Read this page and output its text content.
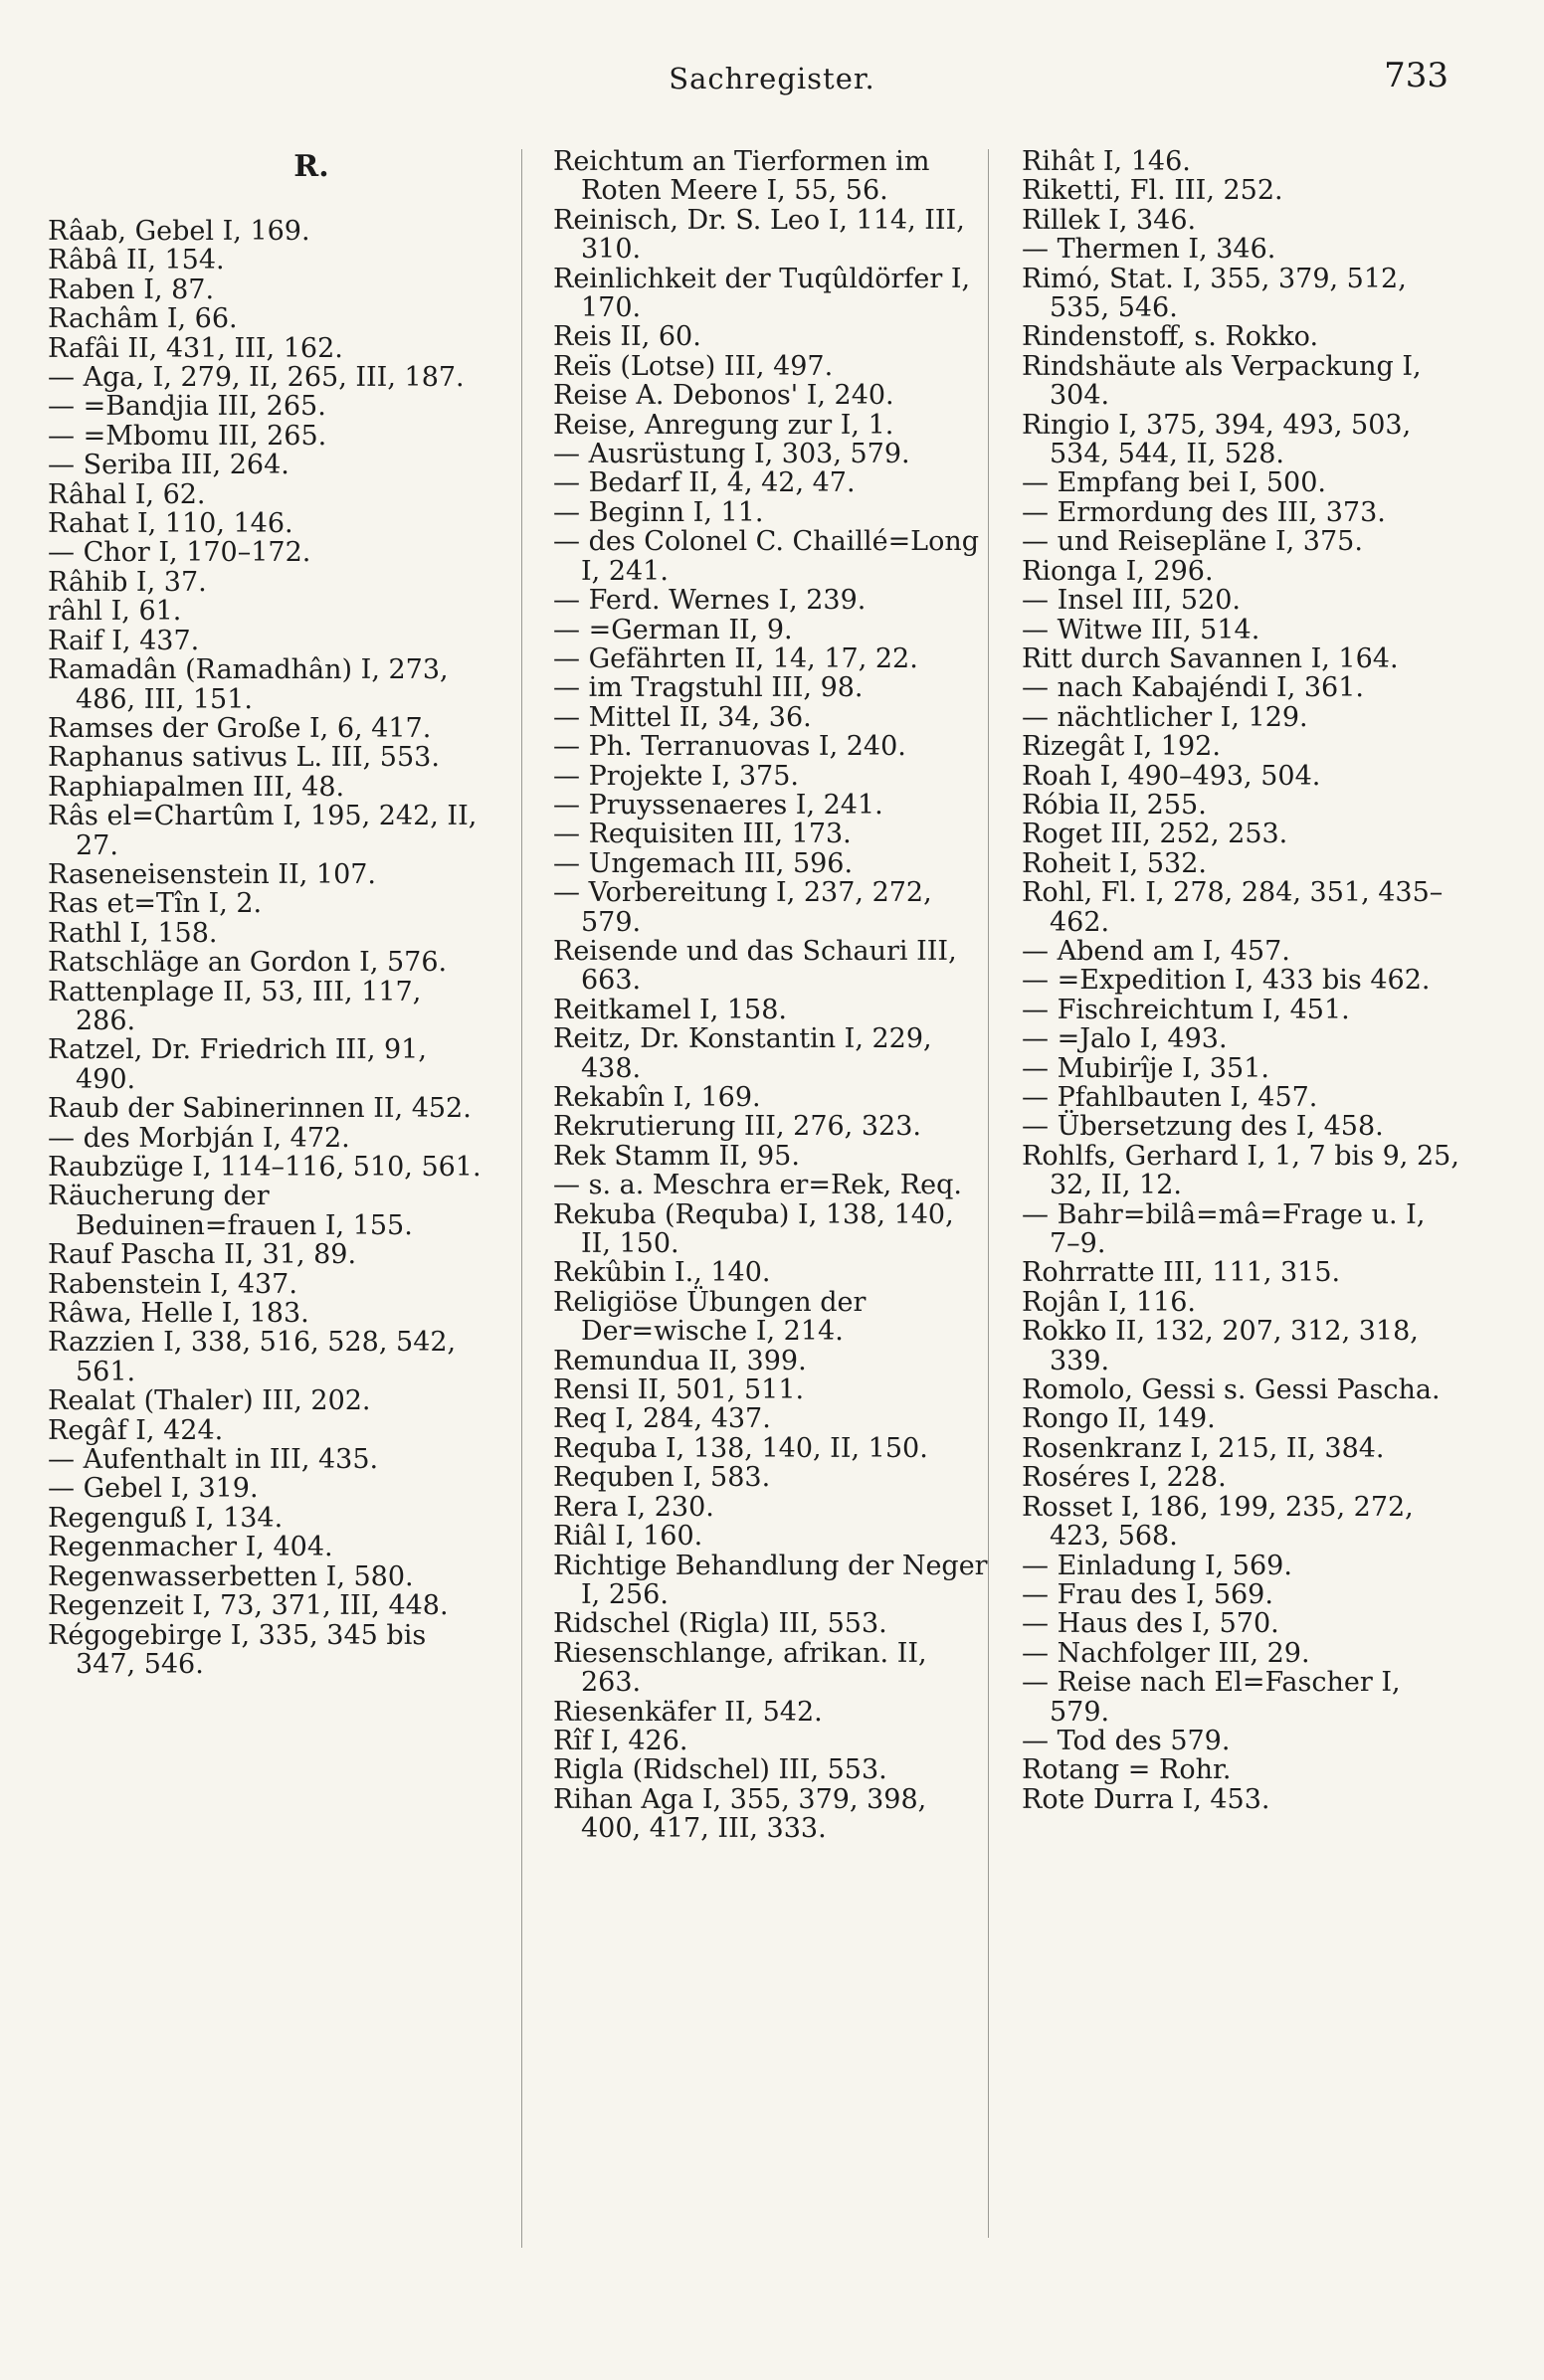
Sachregister.	733
R.
Râab, Gebel I, 169.
Râbâ II, 154.
Raben I, 87.
Rachâm I, 66.
Rafâi II, 431, III, 162.
— Aga, I, 279, II, 265, III, 187.
— =Bandjia III, 265.
— =Mbomu III, 265.
— Seriba III, 264.
Râhal I, 62.
Rahat I, 110, 146.
— Chor I, 170–172.
Râhib I, 37.
râhl I, 61.
Raif I, 437.
Ramadân (Ramadhân) I, 273, 486, III, 151.
Ramses der Große I, 6, 417.
Raphanus sativus L. III, 553.
Raphiapalmen III, 48.
Râs el=Chartûm I, 195, 242, II, 27.
Raseneisenstein II, 107.
Ras et=Tîn I, 2.
Rathl I, 158.
Ratschläge an Gordon I, 576.
Rattenplage II, 53, III, 117, 286.
Ratzel, Dr. Friedrich III, 91, 490.
Raub der Sabinerinnen II, 452.
— des Morbján I, 472.
Raubzüge I, 114–116, 510, 561.
Räucherung der Beduinen=frauen I, 155.
Rauf Pascha II, 31, 89.
Rabenstein I, 437.
Râwa, Helle I, 183.
Razzien I, 338, 516, 528, 542, 561.
Realat (Thaler) III, 202.
Regâf I, 424.
— Aufenthalt in III, 435.
— Gebel I, 319.
Regenguß I, 134.
Regenmacher I, 404.
Regenwasserbetten I, 580.
Regenzeit I, 73, 371, III, 448.
Régogebirge I, 335, 345 bis 347, 546.
Reichtum an Tierformen im Roten Meere I, 55, 56.
Reinisch, Dr. S. Leo I, 114, III, 310.
Reinlichkeit der Tuqûldörfer I, 170.
Reis II, 60.
Reïs (Lotse) III, 497.
Reise A. Debonos' I, 240.
Reise, Anregung zur I, 1.
— Ausrüstung I, 303, 579.
— Bedarf II, 4, 42, 47.
— Beginn I, 11.
— des Colonel C. Chaillé=Long I, 241.
— Ferd. Wernes I, 239.
— =German II, 9.
— Gefährten II, 14, 17, 22.
— im Tragstuhl III, 98.
— Mittel II, 34, 36.
— Ph. Terranuovas I, 240.
— Projekte I, 375.
— Pruyssenaeres I, 241.
— Requisiten III, 173.
— Ungemach III, 596.
— Vorbereitung I, 237, 272, 579.
Reisende und das Schauri III, 663.
Reitkamel I, 158.
Reitz, Dr. Konstantin I, 229, 438.
Rekabîn I, 169.
Rekrutierung III, 276, 323.
Rek Stamm II, 95.
— s. a. Meschra er=Rek, Req.
Rekuba (Requba) I, 138, 140, II, 150.
Rekûbin I., 140.
Religiöse Übungen der Der=wische I, 214.
Remundua II, 399.
Rensi II, 501, 511.
Req I, 284, 437.
Requba I, 138, 140, II, 150.
Requben I, 583.
Rera I, 230.
Riâl I, 160.
Richtige Behandlung der Neger I, 256.
Ridschel (Rigla) III, 553.
Riesenschlange, afrikan. II, 263.
Riesenkäfer II, 542.
Rîf I, 426.
Rigla (Ridschel) III, 553.
Rihan Aga I, 355, 379, 398, 400, 417, III, 333.
Rihât I, 146.
Riketti, Fl. III, 252.
Rillek I, 346.
— Thermen I, 346.
Rimó, Stat. I, 355, 379, 512, 535, 546.
Rindenstoff, s. Rokko.
Rindshäute als Verpackung I, 304.
Ringio I, 375, 394, 493, 503, 534, 544, II, 528.
— Empfang bei I, 500.
— Ermordung des III, 373.
— und Reisepläne I, 375.
Rionga I, 296.
— Insel III, 520.
— Witwe III, 514.
Ritt durch Savannen I, 164.
— nach Kabajéndi I, 361.
— nächtlicher I, 129.
Rizegât I, 192.
Roah I, 490–493, 504.
Róbia II, 255.
Roget III, 252, 253.
Roheit I, 532.
Rohl, Fl. I, 278, 284, 351, 435–462.
— Abend am I, 457.
— =Expedition I, 433 bis 462.
— Fischreichtum I, 451.
— =Jalo I, 493.
— Mubirîje I, 351.
— Pfahlbauten I, 457.
— Übersetzung des I, 458.
Rohlfs, Gerhard I, 1, 7 bis 9, 25, 32, II, 12.
— Bahr=bilâ=mâ=Frage u. I, 7–9.
Rohrratte III, 111, 315.
Rojân I, 116.
Rokko II, 132, 207, 312, 318, 339.
Romolo, Gessi s. Gessi Pascha.
Rongo II, 149.
Rosenkranz I, 215, II, 384.
Roséres I, 228.
Rosset I, 186, 199, 235, 272, 423, 568.
— Einladung I, 569.
— Frau des I, 569.
— Haus des I, 570.
— Nachfolger III, 29.
— Reise nach El=Fascher I, 579.
— Tod des 579.
Rotang = Rohr.
Rote Durra I, 453.
